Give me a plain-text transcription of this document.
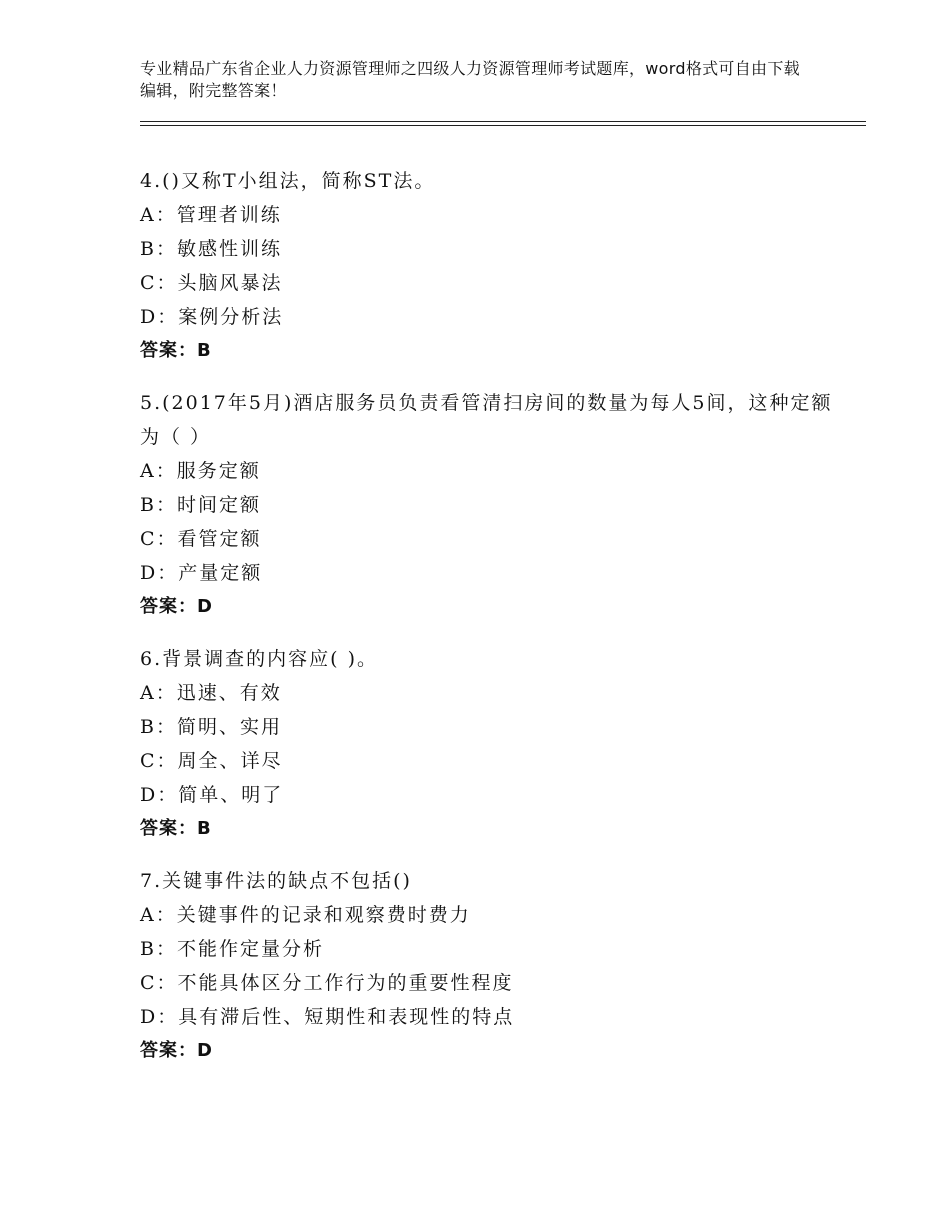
专业精品广东省企业人力资源管理师之四级人力资源管理师考试题库，word格式可自由下载编辑，附完整答案！

4.()又称T小组法，简称ST法。

A：管理者训练

B：敏感性训练

C：头脑风暴法

D：案例分析法

答案：B

5.(2017年5月)酒店服务员负责看管清扫房间的数量为每人5间，这种定额为（ ）

A：服务定额

B：时间定额

C：看管定额

D：产量定额

答案：D

6.背景调查的内容应( )。

A：迅速、有效

B：简明、实用

C：周全、详尽

D：简单、明了

答案：B

7.关键事件法的缺点不包括()

A：关键事件的记录和观察费时费力

B：不能作定量分析

C：不能具体区分工作行为的重要性程度

D：具有滞后性、短期性和表现性的特点

答案：D
